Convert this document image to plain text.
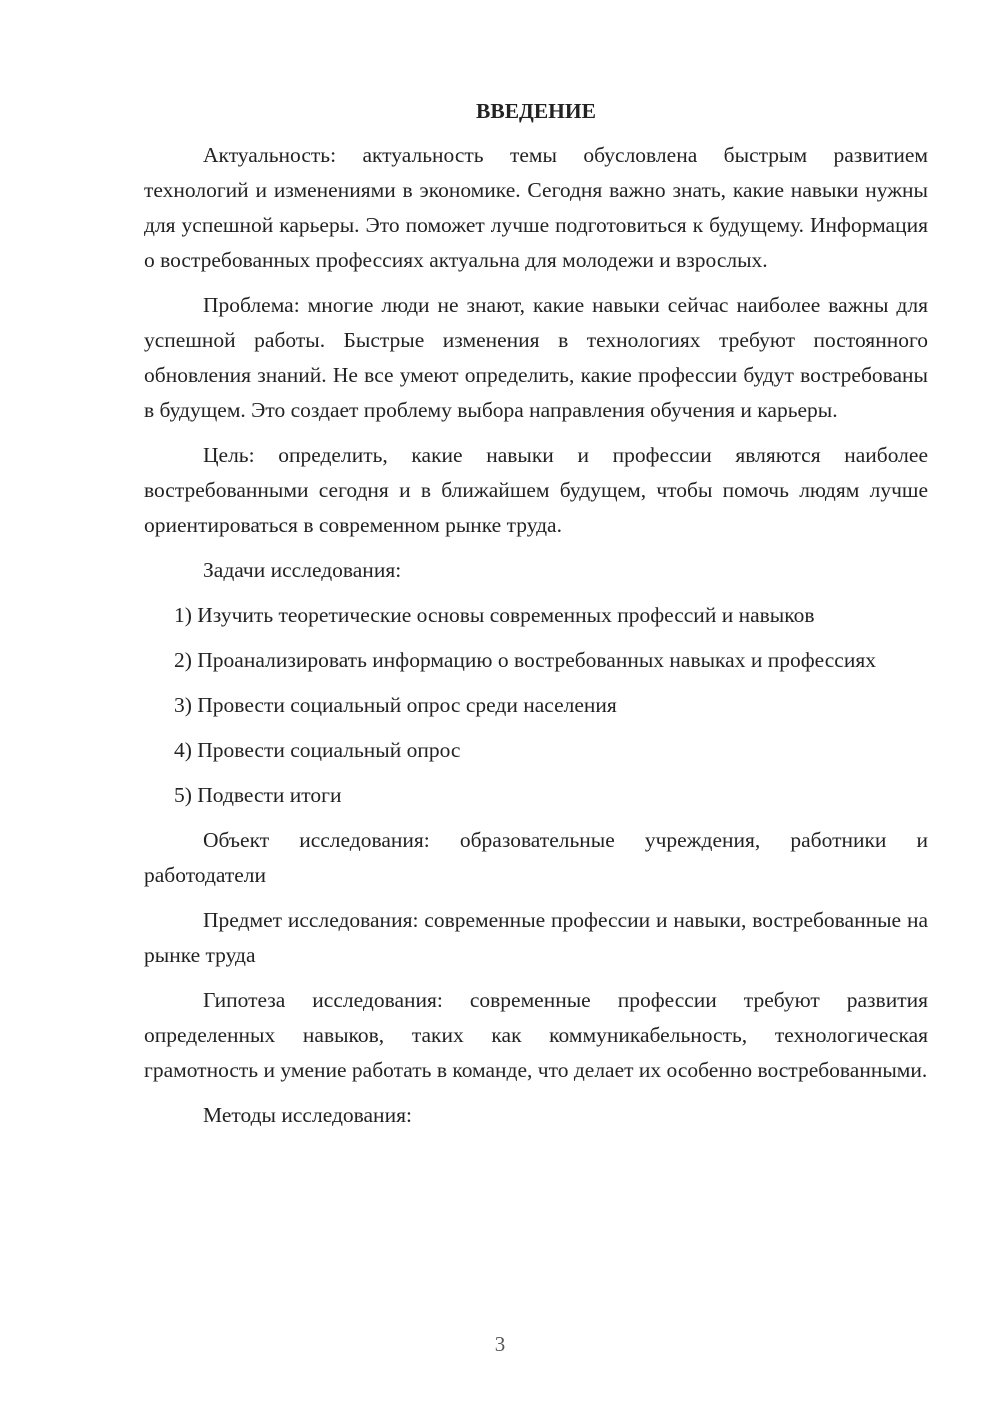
ВВЕДЕНИЕ

Актуальность: актуальность темы обусловлена быстрым развитием технологий и изменениями в экономике. Сегодня важно знать, какие навыки нужны для успешной карьеры. Это поможет лучше подготовиться к будущему. Информация о востребованных профессиях актуальна для молодежи и взрослых.

Проблема: многие люди не знают, какие навыки сейчас наиболее важны для успешной работы. Быстрые изменения в технологиях требуют постоянного обновления знаний. Не все умеют определить, какие профессии будут востребованы в будущем. Это создает проблему выбора направления обучения и карьеры.

Цель: определить, какие навыки и профессии являются наиболее востребованными сегодня и в ближайшем будущем, чтобы помочь людям лучше ориентироваться в современном рынке труда.

Задачи исследования:

1) Изучить теоретические основы современных профессий и навыков

2) Проанализировать информацию о востребованных навыках и профессиях

3) Провести социальный опрос среди населения

4) Провести социальный опрос

5) Подвести итоги

Объект исследования: образовательные учреждения, работники и работодатели

Предмет исследования: современные профессии и навыки, востребованные на рынке труда

Гипотеза исследования: современные профессии требуют развития определенных навыков, таких как коммуникабельность, технологическая грамотность и умение работать в команде, что делает их особенно востребованными.

Методы исследования:

3
